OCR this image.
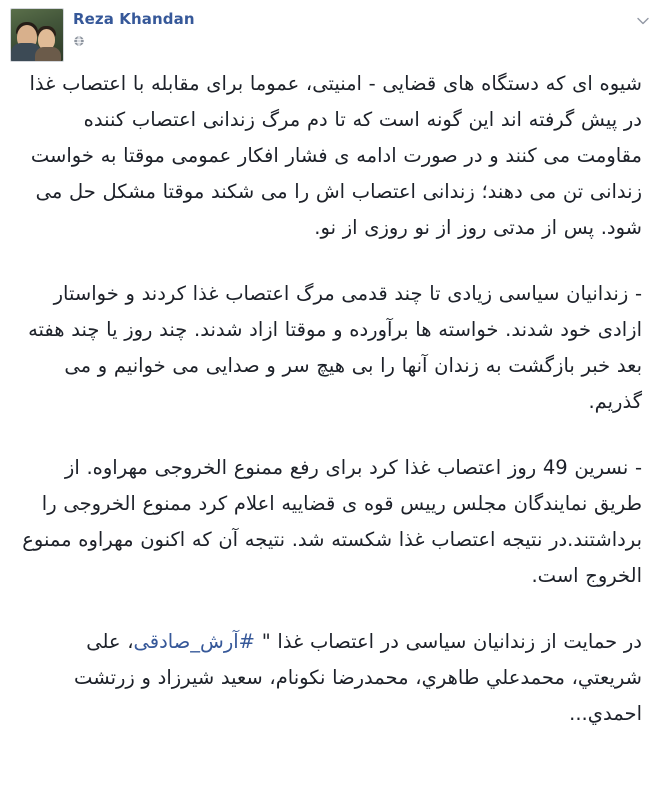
Reza Khandan

شیوه ای که دستگاه های قضایی - امنیتی، عموما برای مقابله با اعتصاب غذا در پیش گرفته اند این گونه است که تا دم مرگ زندانی اعتصاب کننده مقاومت می کنند و در صورت ادامه ی فشار افکار عمومی موقتا به خواست زندانی تن می دهند؛ زندانی اعتصاب اش را می شکند موقتا مشکل حل می شود. پس از مدتی روز از نو روزی از نو.

- زندانیان سیاسی زیادی تا چند قدمی مرگ اعتصاب غذا کردند و خواستار ازادی خود شدند. خواسته ها برآورده و موقتا ازاد شدند. چند روز یا چند هفته بعد خبر بازگشت به زندان آنها را بی هیچ سر و صدایی می خوانیم و می گذریم.

- نسرین 49 روز اعتصاب غذا کرد برای رفع ممنوع الخروجی مهراوه. از طریق نمایندگان مجلس رییس قوه ی قضاییه اعلام کرد ممنوع الخروجی را برداشتند.در نتیجه اعتصاب غذا شکسته شد. نتیجه آن که اکنون مهراوه ممنوع الخروج است.

در حمایت از زندانیان سیاسی در اعتصاب غذا " #آرش_صادقی، علی شریعتي، محمدعلي طاهري، محمدرضا نکونام، سعید شیرزاد و زرتشت احمدي...
